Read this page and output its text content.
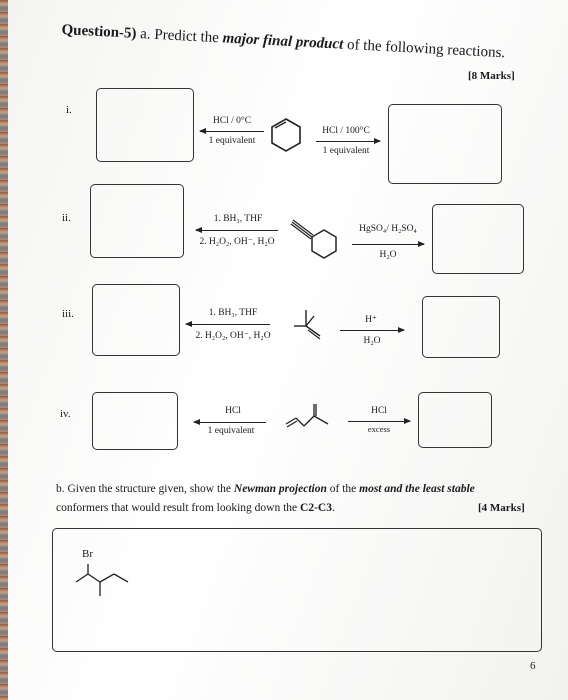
Question-5) a. Predict the major final product of the following reactions.
[8 Marks]
i.
HCl / 0°C
1 equivalent
HCl / 100°C
1 equivalent
ii.	1. BH₃, THF
2. H₂O₂, OH⁻, H₂O
HgSO₄/ H₂SO₄
H₂O
iii.	1. BH₃, THF
2. H₂O₂, OH⁻, H₂O
H⁺
H₂O
iv.	HCl
1 equivalent
HCl
excess
b. Given the structure given, show the Newman projection of the most and the least stable
conformers that would result from looking down the C2-C3.	[4 Marks]
Br
6
